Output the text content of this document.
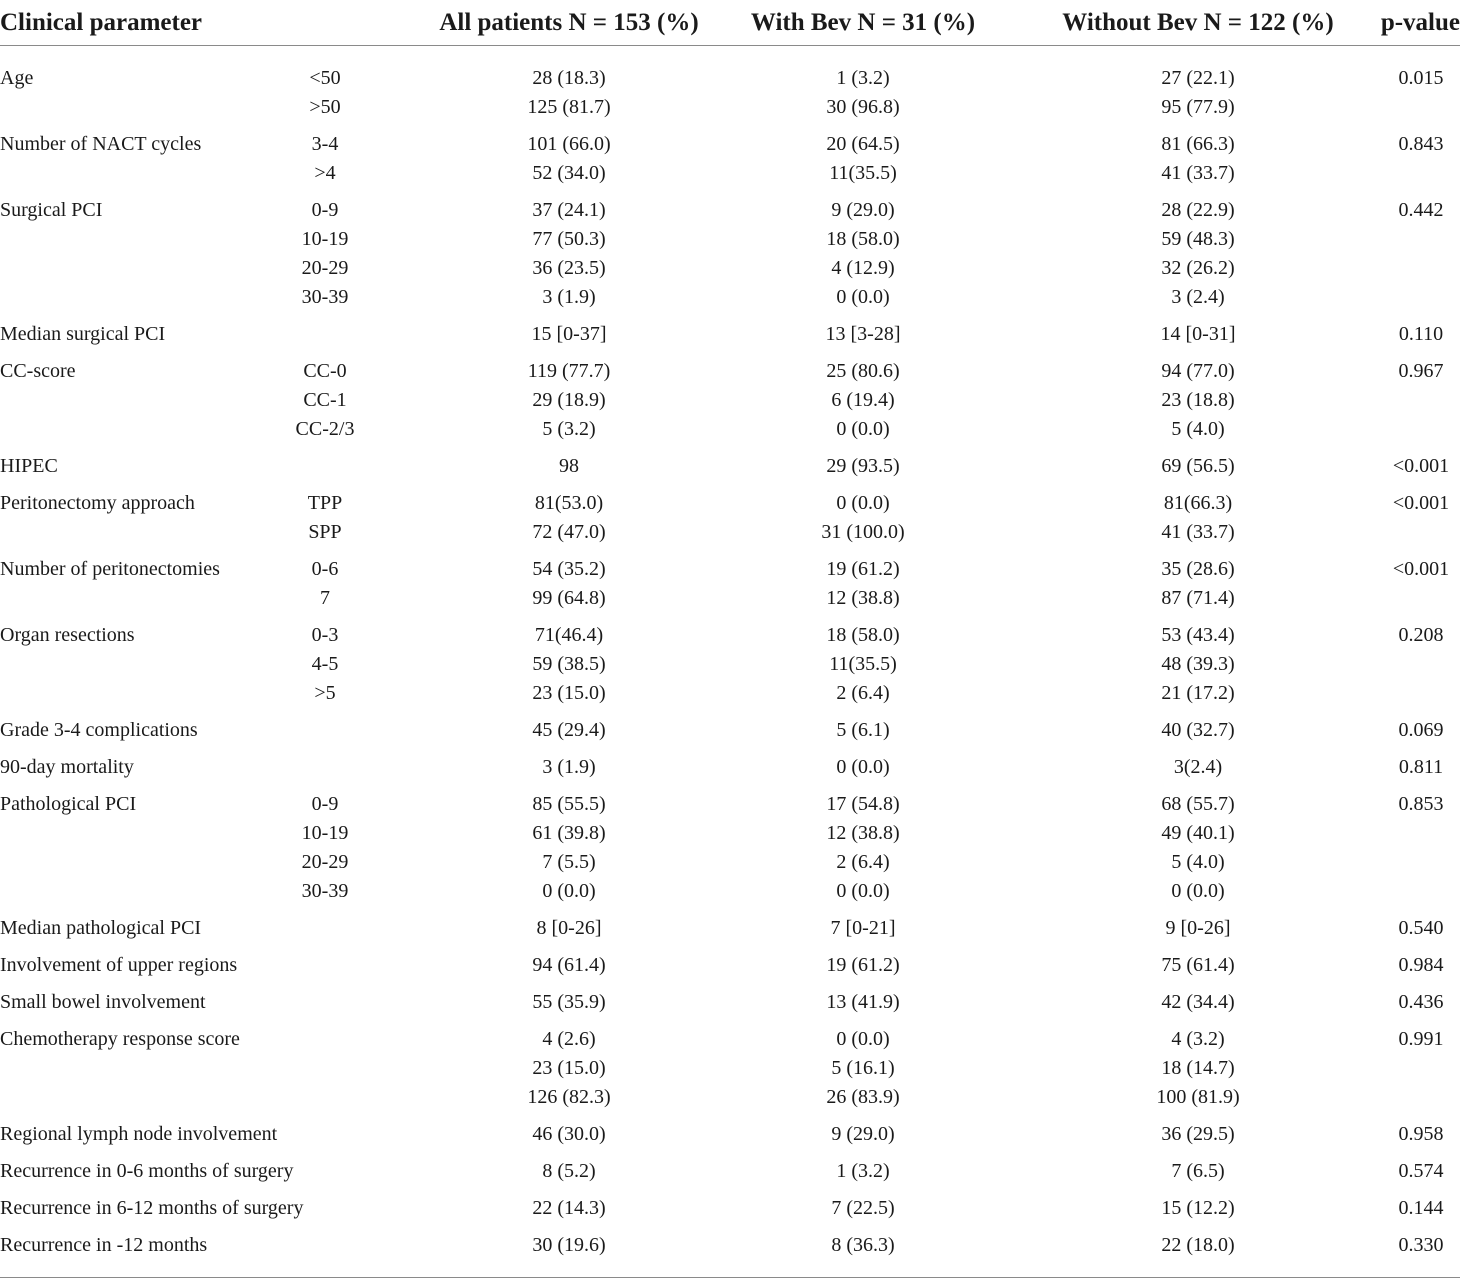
Clinical parameter		All patients N = 153 (%)	With Bev N = 31 (%)	Without Bev N = 122 (%)	p-value
Age	<50	28 (18.3)	1 (3.2)	27 (22.1)	0.015
	>50	125 (81.7)	30 (96.8)	95 (77.9)	
Number of NACT cycles	3-4	101 (66.0)	20 (64.5)	81 (66.3)	0.843
	>4	52 (34.0)	11(35.5)	41 (33.7)	
Surgical PCI	0-9	37 (24.1)	9 (29.0)	28 (22.9)	0.442
	10-19	77 (50.3)	18 (58.0)	59 (48.3)	
	20-29	36 (23.5)	4 (12.9)	32 (26.2)	
	30-39	3 (1.9)	0 (0.0)	3 (2.4)	
Median surgical PCI		15 [0-37]	13 [3-28]	14 [0-31]	0.110
CC-score	CC-0	119 (77.7)	25 (80.6)	94 (77.0)	0.967
	CC-1	29 (18.9)	6 (19.4)	23 (18.8)	
	CC-2/3	5 (3.2)	0 (0.0)	5 (4.0)	
HIPEC		98	29 (93.5)	69 (56.5)	<0.001
Peritonectomy approach	TPP	81(53.0)	0 (0.0)	81(66.3)	<0.001
	SPP	72 (47.0)	31 (100.0)	41 (33.7)	
Number of peritonectomies	0-6	54 (35.2)	19 (61.2)	35 (28.6)	<0.001
	7	99 (64.8)	12 (38.8)	87 (71.4)	
Organ resections	0-3	71(46.4)	18 (58.0)	53 (43.4)	0.208
	4-5	59 (38.5)	11(35.5)	48 (39.3)	
	>5	23 (15.0)	2 (6.4)	21 (17.2)	
Grade 3-4 complications		45 (29.4)	5 (6.1)	40 (32.7)	0.069
90-day mortality		3 (1.9)	0 (0.0)	3(2.4)	0.811
Pathological PCI	0-9	85 (55.5)	17 (54.8)	68 (55.7)	0.853
	10-19	61 (39.8)	12 (38.8)	49 (40.1)	
	20-29	7 (5.5)	2 (6.4)	5 (4.0)	
	30-39	0 (0.0)	0 (0.0)	0 (0.0)	
Median pathological PCI		8 [0-26]	7 [0-21]	9 [0-26]	0.540
Involvement of upper regions		94 (61.4)	19 (61.2)	75 (61.4)	0.984
Small bowel involvement		55 (35.9)	13 (41.9)	42 (34.4)	0.436
Chemotherapy response score		4 (2.6)	0 (0.0)	4 (3.2)	0.991
		23 (15.0)	5 (16.1)	18 (14.7)	
		126 (82.3)	26 (83.9)	100 (81.9)	
Regional lymph node involvement		46 (30.0)	9 (29.0)	36 (29.5)	0.958
Recurrence in 0-6 months of surgery		8 (5.2)	1 (3.2)	7 (6.5)	0.574
Recurrence in 6-12 months of surgery		22 (14.3)	7 (22.5)	15 (12.2)	0.144
Recurrence in -12 months		30 (19.6)	8 (36.3)	22 (18.0)	0.330
